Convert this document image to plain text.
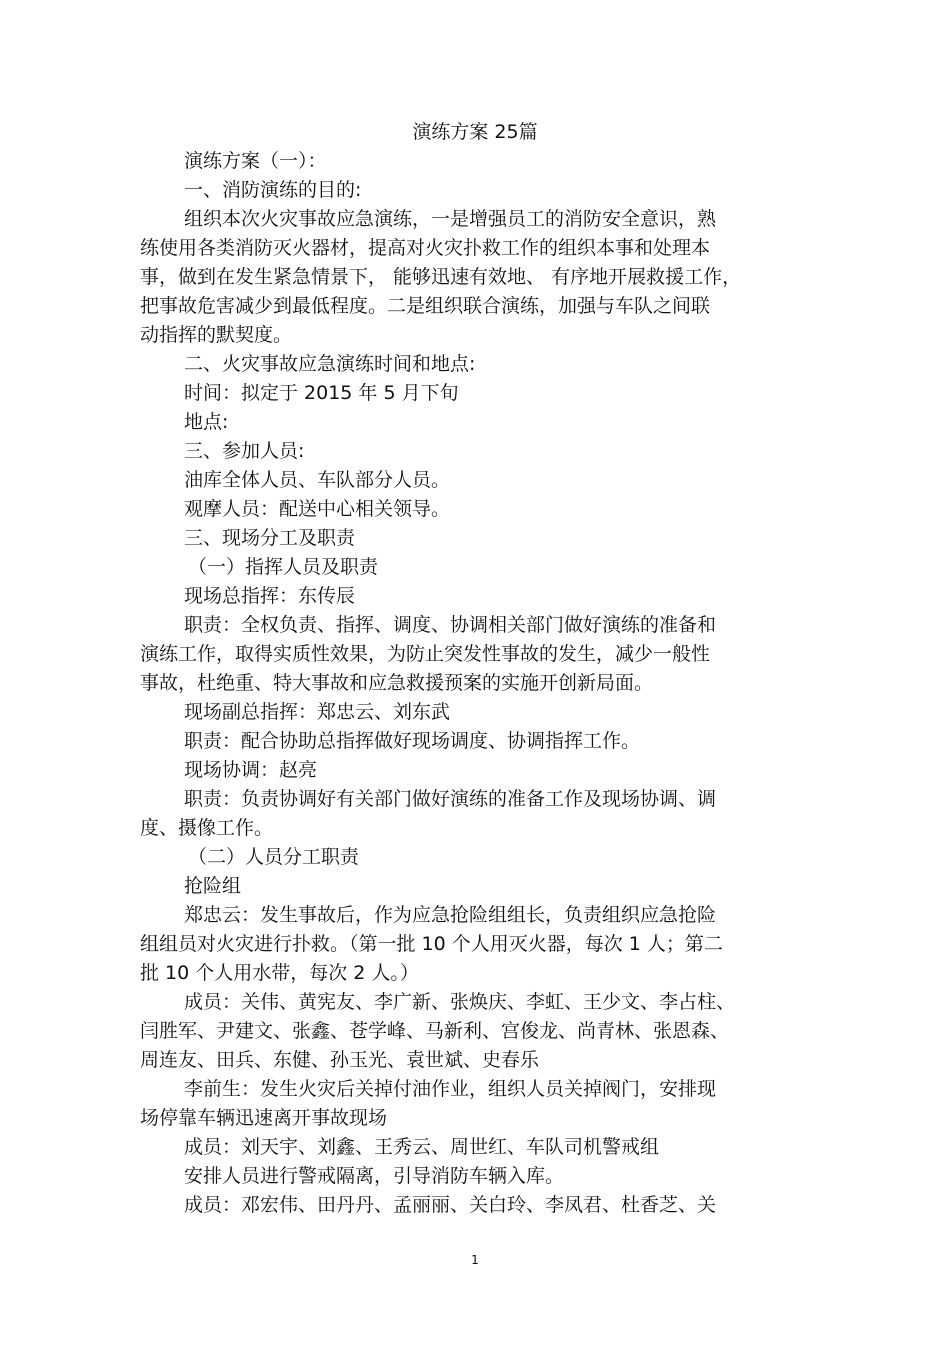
演练方案 25篇
演练方案（一）：
一、消防演练的目的:
组织本次火灾事故应急演练，一是增强员工的消防安全意识，熟
练使用各类消防灭火器材，提高对火灾扑救工作的组织本事和处理本
事，做到在发生紧急情景下， 能够迅速有效地、 有序地开展救援工作，
把事故危害减少到最低程度。二是组织联合演练，加强与车队之间联
动指挥的默契度。
二、火灾事故应急演练时间和地点:
时间：拟定于 2015 年 5 月下旬
地点:
三、参加人员:
油库全体人员、车队部分人员。
观摩人员：配送中心相关领导。
三、现场分工及职责
（一）指挥人员及职责
现场总指挥：东传辰
职责：全权负责、指挥、调度、协调相关部门做好演练的准备和
演练工作，取得实质性效果，为防止突发性事故的发生，减少一般性
事故，杜绝重、特大事故和应急救援预案的实施开创新局面。
现场副总指挥：郑忠云、刘东武
职责：配合协助总指挥做好现场调度、协调指挥工作。
现场协调：赵亮
职责：负责协调好有关部门做好演练的准备工作及现场协调、调
度、摄像工作。
（二）人员分工职责
抢险组
郑忠云：发生事故后，作为应急抢险组组长，负责组织应急抢险
组组员对火灾进行扑救。（第一批 10 个人用灭火器，每次 1 人；第二
批 10 个人用水带，每次 2 人。）
成员：关伟、黄宪友、李广新、张焕庆、李虹、王少文、李占柱、
闫胜军、尹建文、张鑫、苍学峰、马新利、宫俊龙、尚青林、张恩森、
周连友、田兵、东健、孙玉光、袁世斌、史春乐
李前生：发生火灾后关掉付油作业，组织人员关掉阀门，安排现
场停靠车辆迅速离开事故现场
成员：刘天宇、刘鑫、王秀云、周世红、车队司机警戒组
安排人员进行警戒隔离，引导消防车辆入库。
成员：邓宏伟、田丹丹、孟丽丽、关白玲、李凤君、杜香芝、关
1
